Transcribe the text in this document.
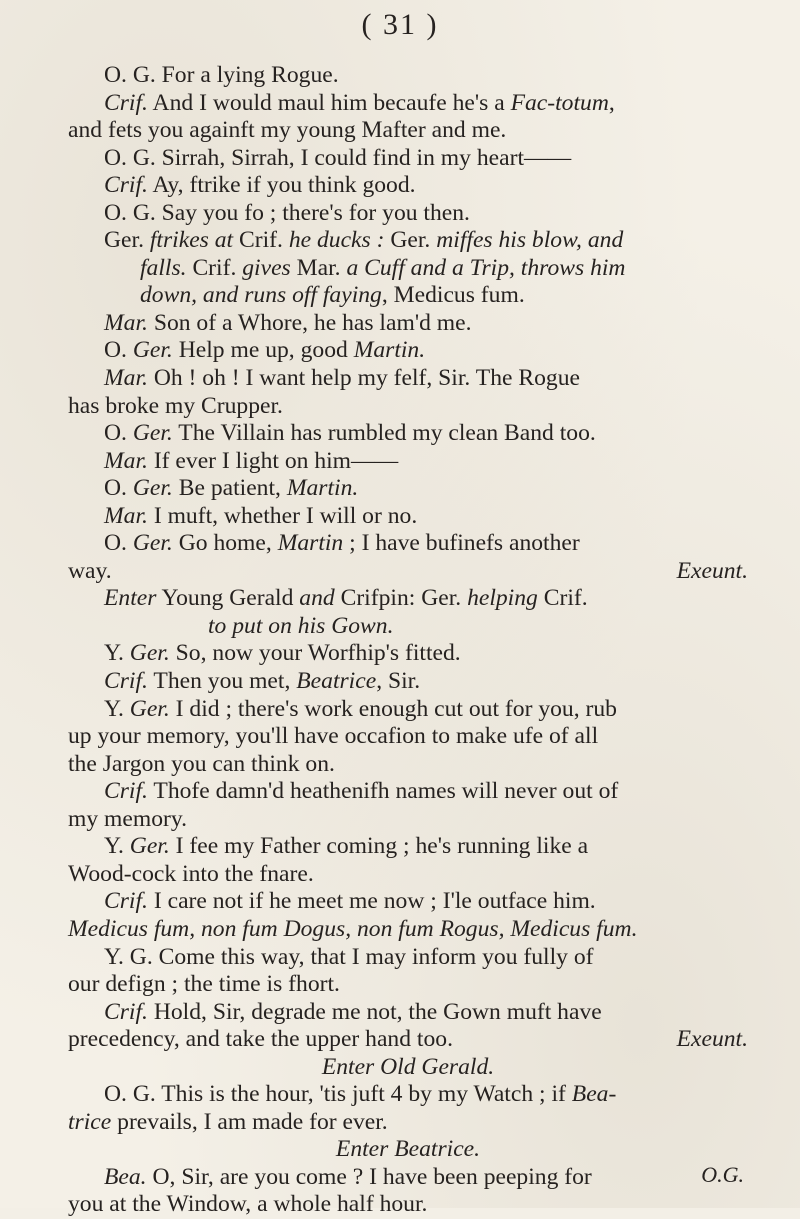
( 31 )
O. G. For a lying Rogue.
Crif. And I would maul him becaufe he's a Fac-totum,
and fets you againft my young Mafter and me.
O. G. Sirrah, Sirrah, I could find in my heart——
Crif. Ay, ftrike if you think good.
O. G. Say you fo ; there's for you then.
Ger. ftrikes at Crif. he ducks : Ger. miffes his blow, and
falls. Crif. gives Mar. a Cuff and a Trip, throws him
down, and runs off faying, Medicus fum.
Mar. Son of a Whore, he has lam'd me.
O. Ger. Help me up, good Martin.
Mar. Oh ! oh ! I want help my felf, Sir. The Rogue
has broke my Crupper.
O. Ger. The Villain has rumbled my clean Band too.
Mar. If ever I light on him——
O. Ger. Be patient, Martin.
Mar. I muft, whether I will or no.
O. Ger. Go home, Martin ; I have bufinefs another
way.	Exeunt.
Enter Young Gerald and Crifpin: Ger. helping Crif.
to put on his Gown.
Y. Ger. So, now your Worfhip's fitted.
Crif. Then you met, Beatrice, Sir.
Y. Ger. I did ; there's work enough cut out for you, rub
up your memory, you'll have occafion to make ufe of all
the Jargon you can think on.
Crif. Thofe damn'd heathenifh names will never out of
my memory.
Y. Ger. I fee my Father coming ; he's running like a
Wood-cock into the fnare.
Crif. I care not if he meet me now ; I'le outface him.
Medicus fum, non fum Dogus, non fum Rogus, Medicus fum.
Y. G. Come this way, that I may inform you fully of
our defign ; the time is fhort.
Crif. Hold, Sir, degrade me not, the Gown muft have
precedency, and take the upper hand too.	Exeunt.
Enter Old Gerald.
O. G. This is the hour, 'tis juft 4 by my Watch ; if Bea-
trice prevails, I am made for ever.
Enter Beatrice.
Bea. O, Sir, are you come ? I have been peeping for
you at the Window, a whole half hour.
O.G.
